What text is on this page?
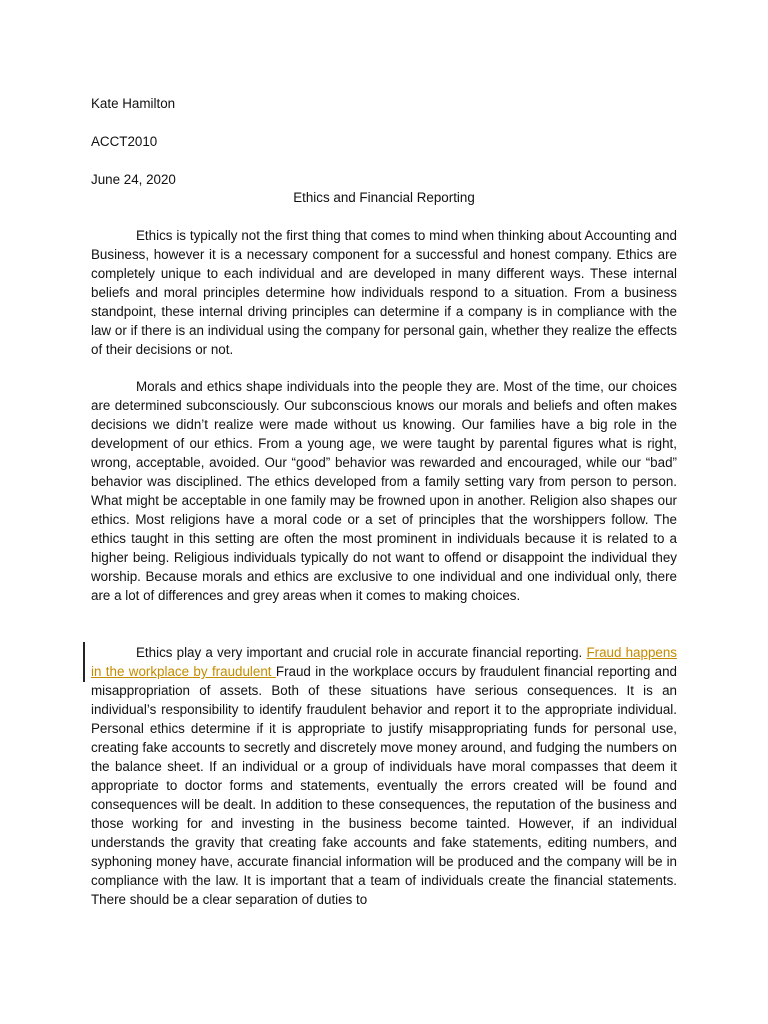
Kate Hamilton
ACCT2010
June 24, 2020
Ethics and Financial Reporting

Ethics is typically not the first thing that comes to mind when thinking about Accounting and Business, however it is a necessary component for a successful and honest company. Ethics are completely unique to each individual and are developed in many different ways. These internal beliefs and moral principles determine how individuals respond to a situation. From a business standpoint, these internal driving principles can determine if a company is in compliance with the law or if there is an individual using the company for personal gain, whether they realize the effects of their decisions or not.

Morals and ethics shape individuals into the people they are. Most of the time, our choices are determined subconsciously. Our subconscious knows our morals and beliefs and often makes decisions we didn’t realize were made without us knowing. Our families have a big role in the development of our ethics. From a young age, we were taught by parental figures what is right, wrong, acceptable, avoided. Our “good” behavior was rewarded and encouraged, while our “bad” behavior was disciplined. The ethics developed from a family setting vary from person to person. What might be acceptable in one family may be frowned upon in another. Religion also shapes our ethics. Most religions have a moral code or a set of principles that the worshippers follow. The ethics taught in this setting are often the most prominent in individuals because it is related to a higher being. Religious individuals typically do not want to offend or disappoint the individual they worship. Because morals and ethics are exclusive to one individual and one individual only, there are a lot of differences and grey areas when it comes to making choices.

Ethics play a very important and crucial role in accurate financial reporting. Fraud happens in the workplace by fraudulent Fraud in the workplace occurs by fraudulent financial reporting and misappropriation of assets. Both of these situations have serious consequences. It is an individual’s responsibility to identify fraudulent behavior and report it to the appropriate individual. Personal ethics determine if it is appropriate to justify misappropriating funds for personal use, creating fake accounts to secretly and discretely move money around, and fudging the numbers on the balance sheet. If an individual or a group of individuals have moral compasses that deem it appropriate to doctor forms and statements, eventually the errors created will be found and consequences will be dealt. In addition to these consequences, the reputation of the business and those working for and investing in the business become tainted. However, if an individual understands the gravity that creating fake accounts and fake statements, editing numbers, and syphoning money have, accurate financial information will be produced and the company will be in compliance with the law. It is important that a team of individuals create the financial statements. There should be a clear separation of duties to
